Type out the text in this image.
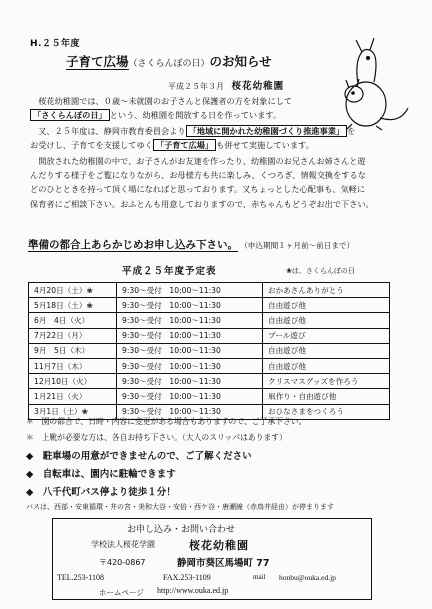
H.２５年度
子育て広場（さくらんぼの日）のお知らせ
平成２５年３月 桜花幼稚園
桜花幼稚園では、０歳～未就園のお子さんと保護者の方を対象にして
「さくらんぼの日」 という、幼稚園を開放する日を作っています。
又、２５年度は、静岡市教育委員会より 「地域に開かれた幼稚園づくり推進事業」 を
お受けし、子育てを支援してゆく 「子育て広場」 も併せて実施しています。
開放された幼稚園の中で、お子さんがお友達を作ったり、幼稚園のお兄さんお姉さんと遊
んだりする様子をご覧になりながら、お母様方も共に楽しみ、くつろぎ、情報交換をするな
どのひとときを持って頂く場になればと思っております。又ちょっとした心配事も、気軽に
保育者にご相談下さい。おふとんも用意しておりますので、赤ちゃんもどうぞお出で下さい。
準備の都合上あらかじめお申し込み下さい。 （申込期間１ヶ月前～前日まで）
平成２５年度予定表	❀は、さくらんぼの日
4月20日（土）❀	9:30～受付　10:00～11:30	おかあさんありがとう
5月18日（土）❀	9:30～受付　10:00～11:30	自由遊び他
6月　4日（火）	9:30～受付　10:00～11:30	自由遊び他
7月22日（月）	9:30～受付　10:00～11:30	プール遊び
9月　5日（木）	9:30～受付　10:00～11:30	自由遊び他
11月7日（木）	9:30～受付　10:00～11:30	自由遊び他
12月10日（火）	9:30～受付　10:00～11:30	クリスマスグッズを作ろう
1月21日（火）	9:30～受付　10:00～11:30	凧作り・自由遊び他
3月1日（土）❀	9:30～受付　10:00～11:30	おひなさまをつくろう
＊　園の都合で、日時・内容に変更がある場合もありますので、ご了承下さい。
＊　上靴が必要な方は、各自お持ち下さい。（大人のスリッパはあります）
◆　駐車場の用意ができませんので、ご了解ください
◆　自転車は、園内に駐輪できます
◆　八千代町バス停より徒歩１分！
バスは、西部・安東循環・井の宮・美和大谷・安倍・西ケ谷・唐瀬線（赤鳥井経由）が停まります
お申し込み・お問い合わせ
学校法人桜花学園	桜花幼稚園
〒420-0867	静岡市葵区馬場町 77
TEL.253-1108	FAX.253-1109	mail honbu@ouka.ed.jp
ホームページ http://www.ouka.ed.jp
